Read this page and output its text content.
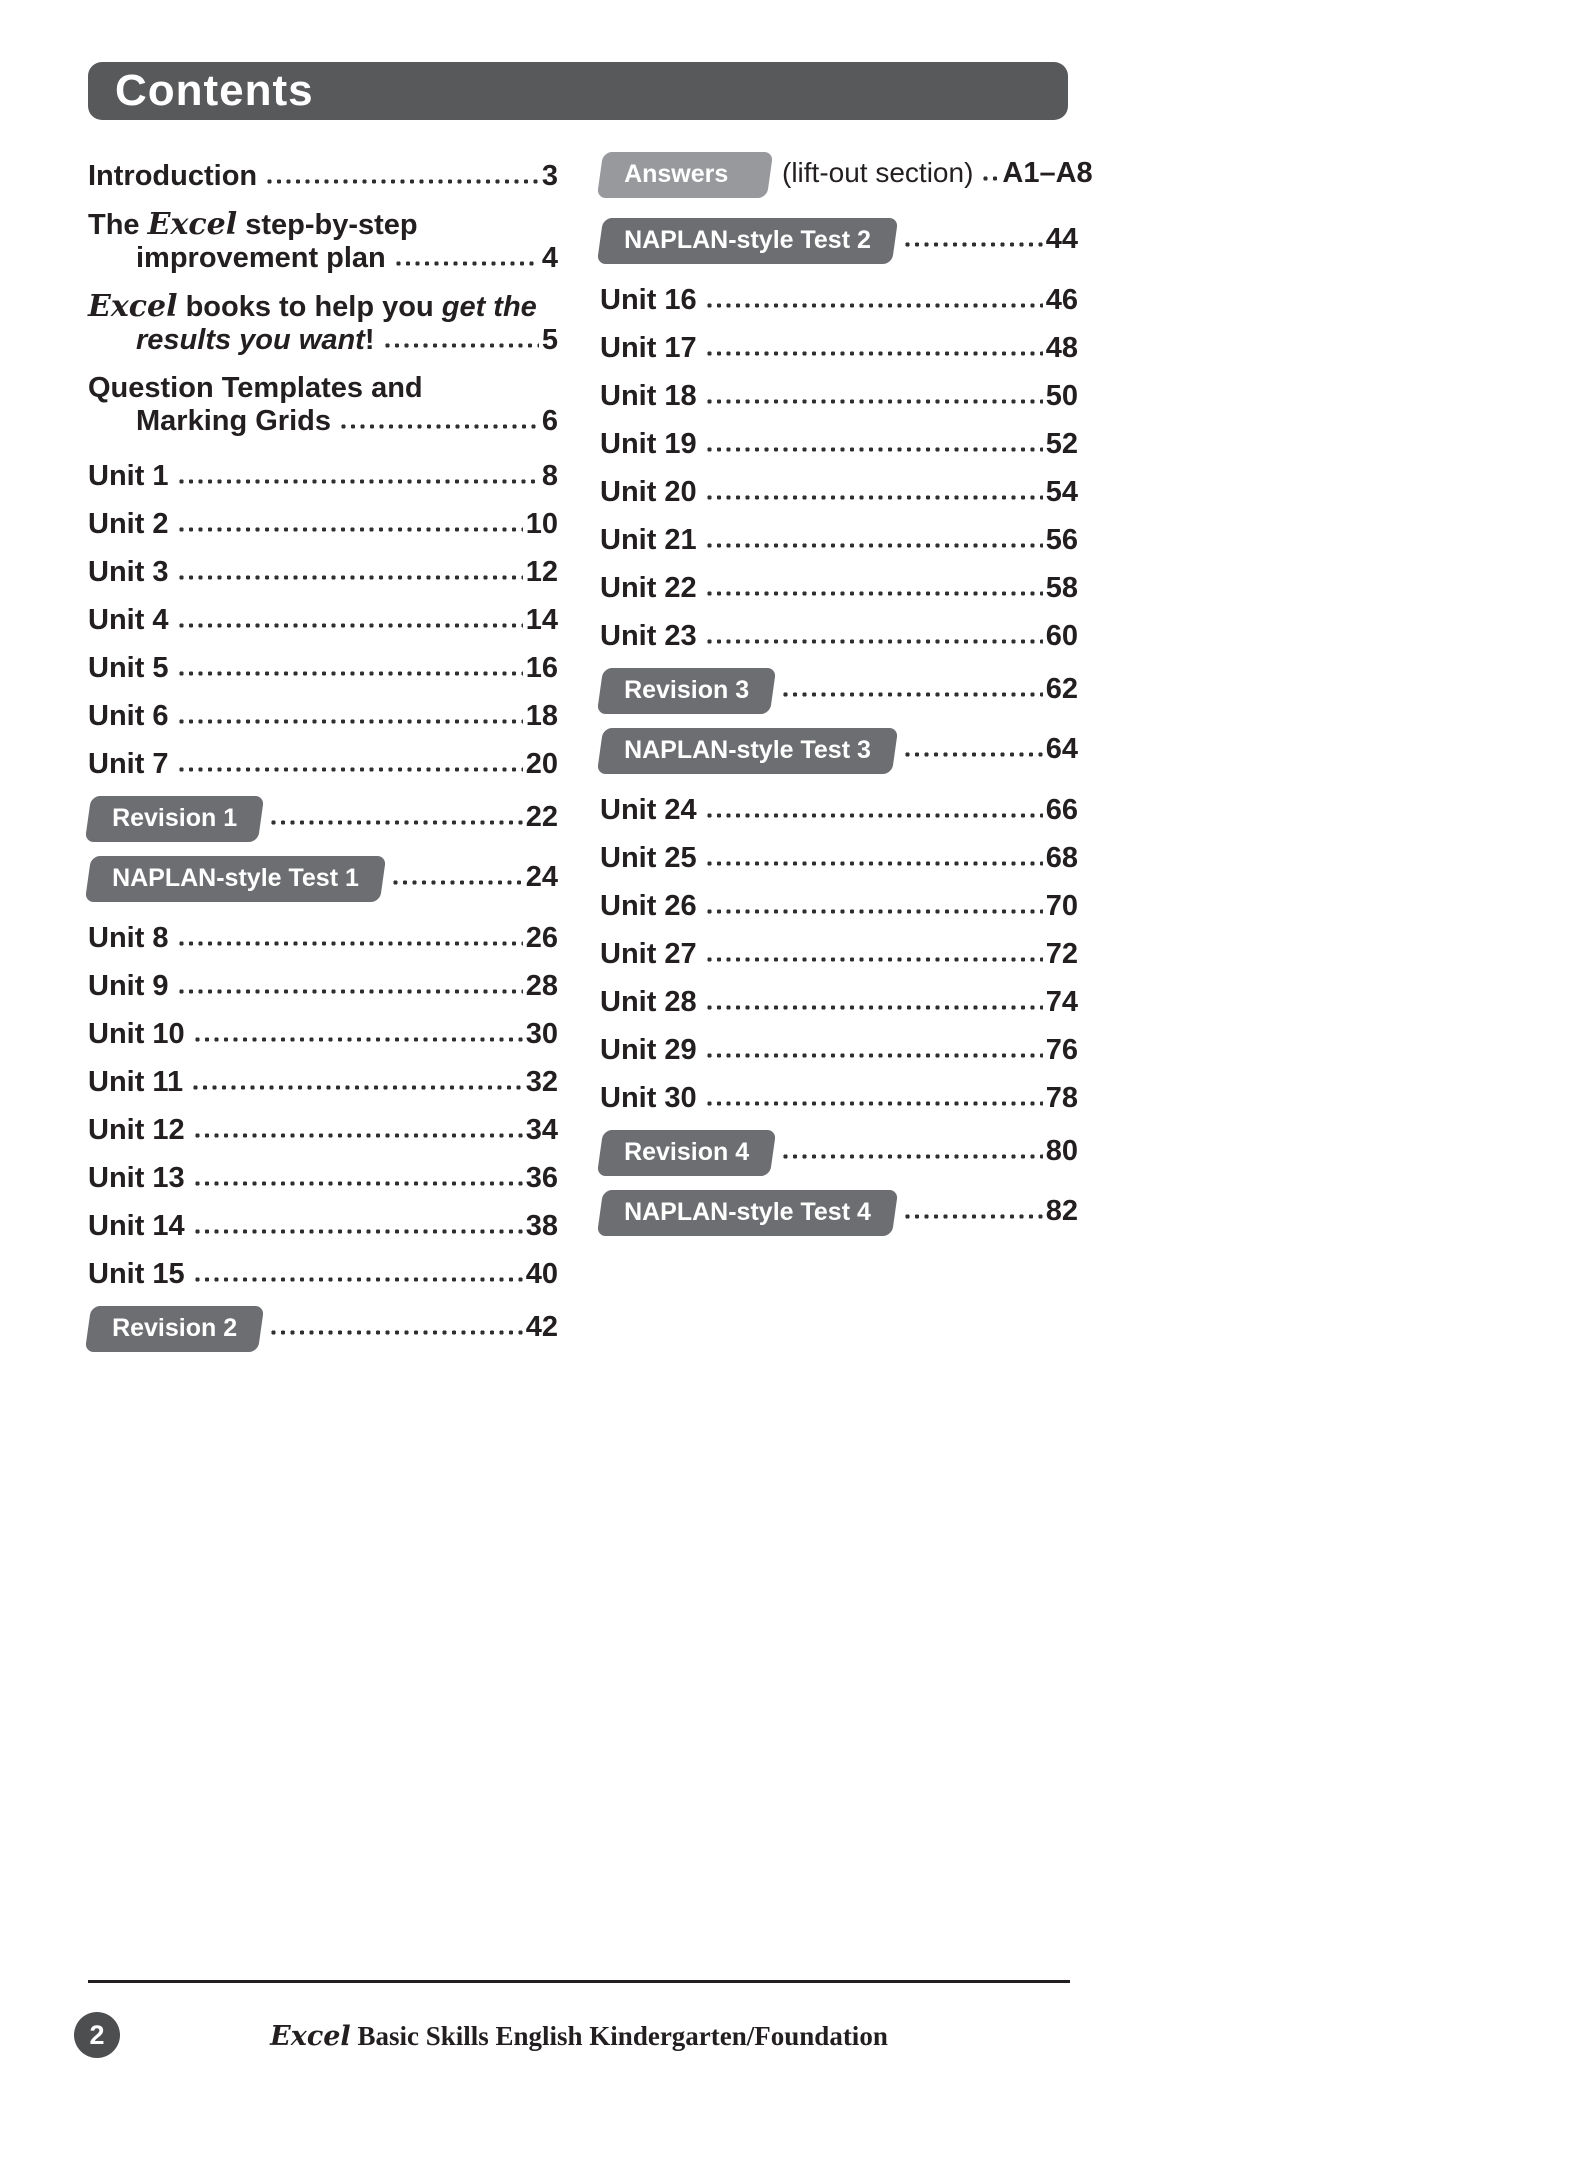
Contents
Introduction	3
The Excel step-by-step
improvement plan	4
Excel books to help you get the
results you want!	5
Question Templates and
Marking Grids	6
Unit 1	8
Unit 2	10
Unit 3	12
Unit 4	14
Unit 5	16
Unit 6	18
Unit 7	20
Revision 1	22
NAPLAN-style Test 1	24
Unit 8	26
Unit 9	28
Unit 10	30
Unit 11	32
Unit 12	34
Unit 13	36
Unit 14	38
Unit 15	40
Revision 2	42
Answers	(lift-out section) A1–A8
NAPLAN-style Test 2	44
Unit 16	46
Unit 17	48
Unit 18	50
Unit 19	52
Unit 20	54
Unit 21	56
Unit 22	58
Unit 23	60
Revision 3	62
NAPLAN-style Test 3	64
Unit 24	66
Unit 25	68
Unit 26	70
Unit 27	72
Unit 28	74
Unit 29	76
Unit 30	78
Revision 4	80
NAPLAN-style Test 4	82
2	Excel Basic Skills English Kindergarten/Foundation
